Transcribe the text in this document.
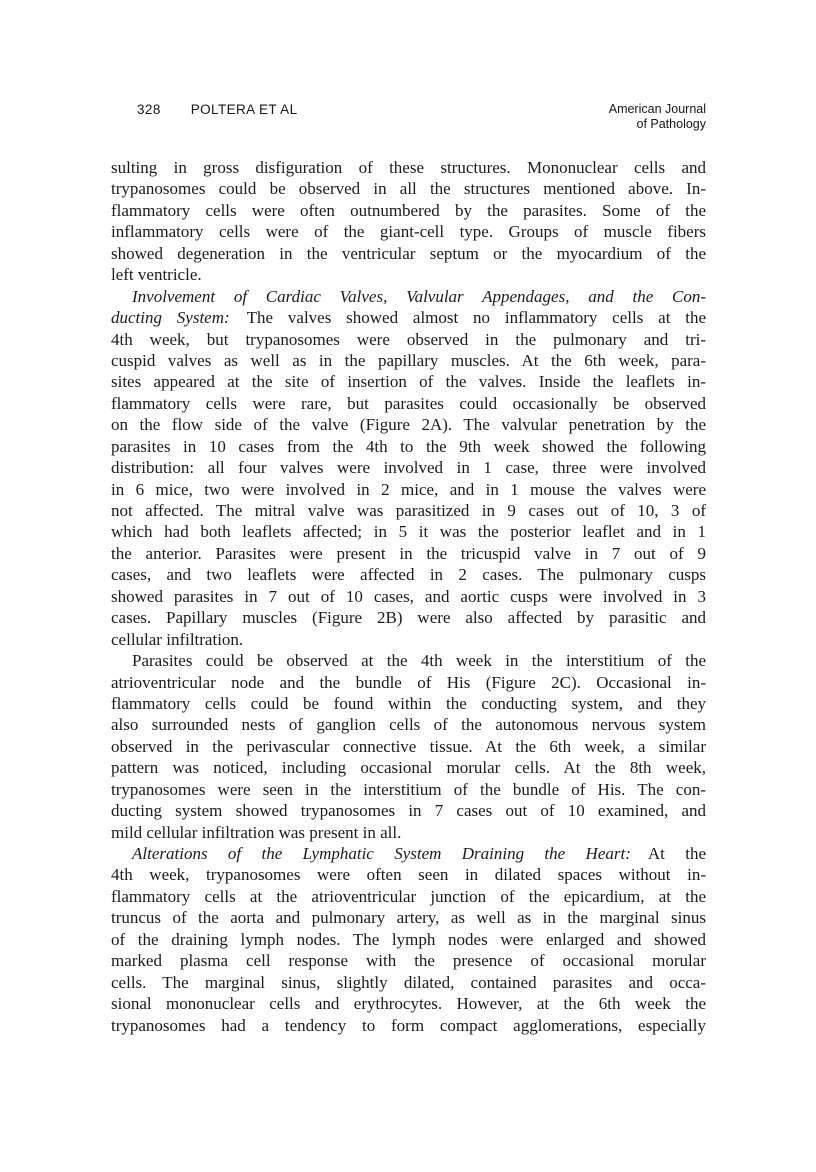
328 POLTERA ET AL	American Journal
of Pathology
sulting in gross disfiguration of these structures. Mononuclear cells and
trypanosomes could be observed in all the structures mentioned above. In-
flammatory cells were often outnumbered by the parasites. Some of the
inflammatory cells were of the giant-cell type. Groups of muscle fibers
showed degeneration in the ventricular septum or the myocardium of the
left ventricle.
Involvement of Cardiac Valves, Valvular Appendages, and the Con-
ducting System: The valves showed almost no inflammatory cells at the
4th week, but trypanosomes were observed in the pulmonary and tri-
cuspid valves as well as in the papillary muscles. At the 6th week, para-
sites appeared at the site of insertion of the valves. Inside the leaflets in-
flammatory cells were rare, but parasites could occasionally be observed
on the flow side of the valve (Figure 2A). The valvular penetration by the
parasites in 10 cases from the 4th to the 9th week showed the following
distribution: all four valves were involved in 1 case, three were involved
in 6 mice, two were involved in 2 mice, and in 1 mouse the valves were
not affected. The mitral valve was parasitized in 9 cases out of 10, 3 of
which had both leaflets affected; in 5 it was the posterior leaflet and in 1
the anterior. Parasites were present in the tricuspid valve in 7 out of 9
cases, and two leaflets were affected in 2 cases. The pulmonary cusps
showed parasites in 7 out of 10 cases, and aortic cusps were involved in 3
cases. Papillary muscles (Figure 2B) were also affected by parasitic and
cellular infiltration.
Parasites could be observed at the 4th week in the interstitium of the
atrioventricular node and the bundle of His (Figure 2C). Occasional in-
flammatory cells could be found within the conducting system, and they
also surrounded nests of ganglion cells of the autonomous nervous system
observed in the perivascular connective tissue. At the 6th week, a similar
pattern was noticed, including occasional morular cells. At the 8th week,
trypanosomes were seen in the interstitium of the bundle of His. The con-
ducting system showed trypanosomes in 7 cases out of 10 examined, and
mild cellular infiltration was present in all.
Alterations of the Lymphatic System Draining the Heart: At the
4th week, trypanosomes were often seen in dilated spaces without in-
flammatory cells at the atrioventricular junction of the epicardium, at the
truncus of the aorta and pulmonary artery, as well as in the marginal sinus
of the draining lymph nodes. The lymph nodes were enlarged and showed
marked plasma cell response with the presence of occasional morular
cells. The marginal sinus, slightly dilated, contained parasites and occa-
sional mononuclear cells and erythrocytes. However, at the 6th week the
trypanosomes had a tendency to form compact agglomerations, especially
